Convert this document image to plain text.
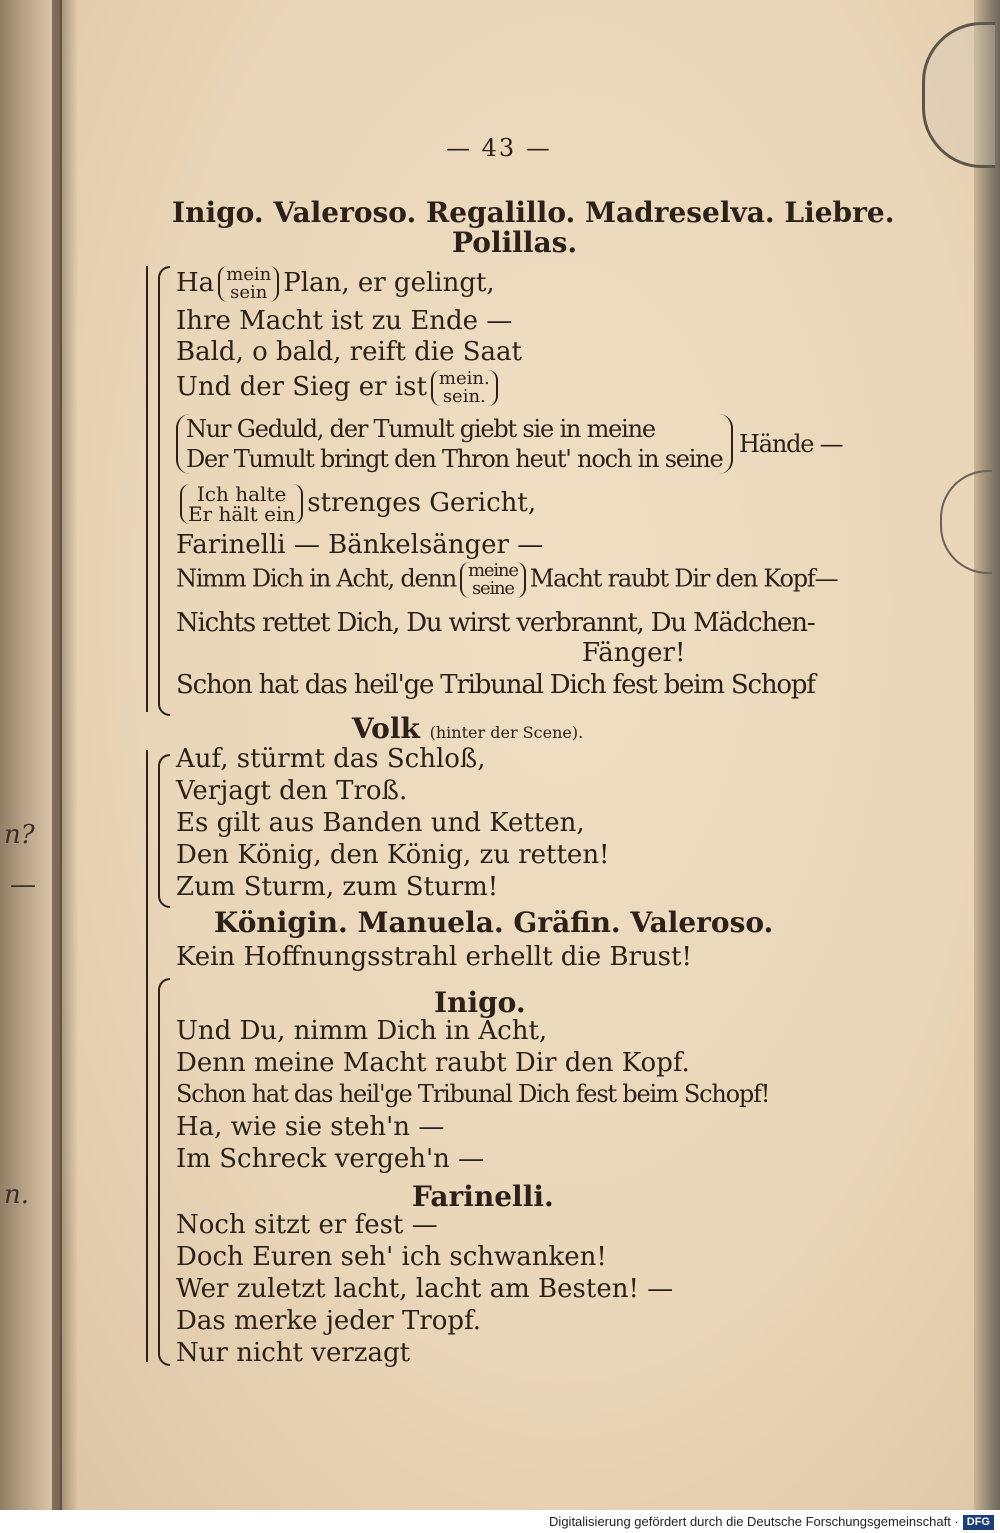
n?
—
n.
— 43 —
Inigo. Valeroso. Regalillo. Madreselva. Liebre.
Polillas.
Ha mein
sein Plan, er gelingt,
Ihre Macht ist zu Ende —
Bald, o bald, reift die Saat
Und der Sieg er ist mein.
sein.
Nur Geduld, der Tumult giebt sie in meine
Der Tumult bringt den Thron heut' noch in seine Hände —
Ich halte
Er hält ein strenges Gericht,
Farinelli — Bänkelsänger —
Nimm Dich in Acht, denn meine
seine Macht raubt Dir den Kopf—
Nichts rettet Dich, Du wirst verbrannt, Du Mädchen-
Fänger!
Schon hat das heil'ge Tribunal Dich fest beim Schopf
Volk (hinter der Scene).
Auf, stürmt das Schloß,
Verjagt den Troß.
Es gilt aus Banden und Ketten,
Den König, den König, zu retten!
Zum Sturm, zum Sturm!
Königin. Manuela. Gräfin. Valeroso.
Kein Hoffnungsstrahl erhellt die Brust!
Inigo.
Und Du, nimm Dich in Acht,
Denn meine Macht raubt Dir den Kopf.
Schon hat das heil'ge Tribunal Dich fest beim Schopf!
Ha, wie sie steh'n —
Im Schreck vergeh'n —
Farinelli.
Noch sitzt er fest —
Doch Euren seh' ich schwanken!
Wer zuletzt lacht, lacht am Besten! —
Das merke jeder Tropf.
Nur nicht verzagt
Digitalisierung gefördert durch die Deutsche Forschungsgemeinschaft · DFG
